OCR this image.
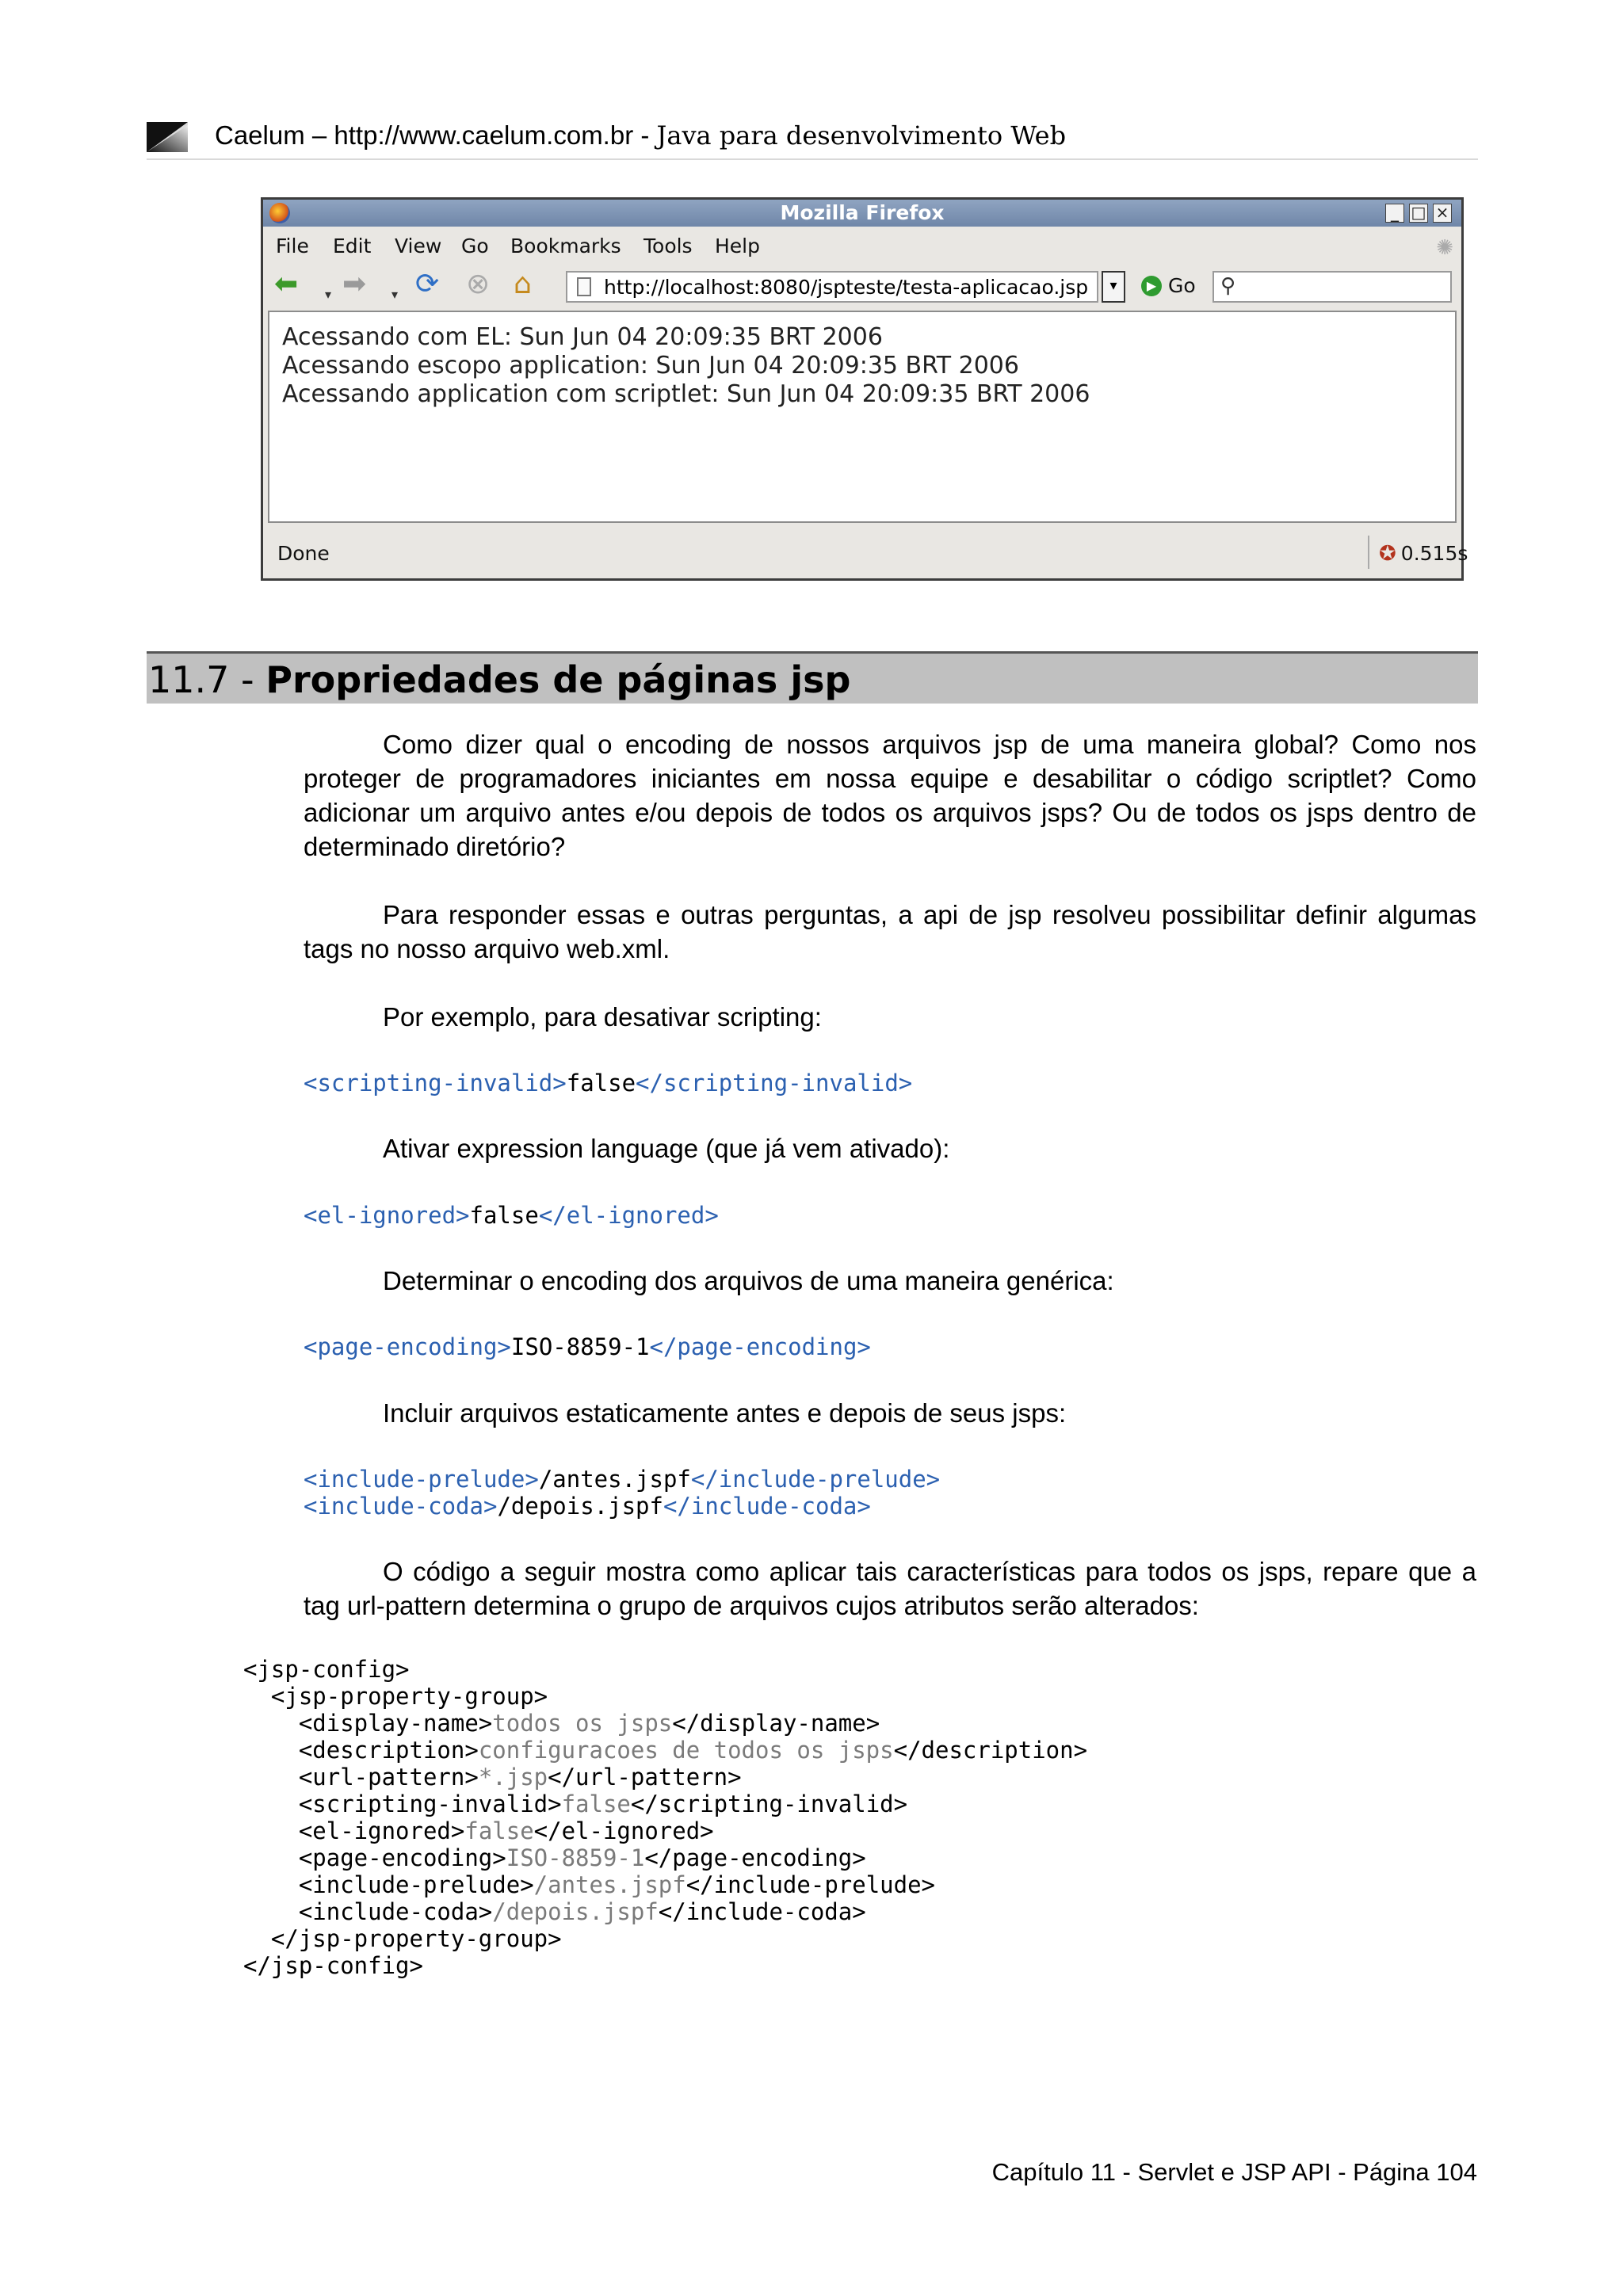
Caelum – http://www.caelum.com.br - Java para desenvolvimento Web
Mozilla Firefox	_ □ ×
File Edit View Go Bookmarks Tools Help	✺
⬅ ▾ ➡ ▾ ⟳ ⊗ ⌂	http://localhost:8080/jspteste/testa-aplicacao.jsp	▾	▶ Go ⚲
Acessando com EL: Sun Jun 04 20:09:35 BRT 2006
Acessando escopo application: Sun Jun 04 20:09:35 BRT 2006
Acessando application com scriptlet: Sun Jun 04 20:09:35 BRT 2006
Done	✪ 0.515s
11.7 - Propriedades de páginas jsp
Como dizer qual o encoding de nossos arquivos jsp de uma maneira global? Como nos proteger de programadores iniciantes em nossa equipe e desabilitar o código scriptlet? Como adicionar um arquivo antes e/ou depois de todos os arquivos jsps? Ou de todos os jsps dentro de determinado diretório?
Para responder essas e outras perguntas, a api de jsp resolveu possibilitar definir algumas tags no nosso arquivo web.xml.
Por exemplo, para desativar scripting:
<scripting-invalid>false</scripting-invalid>
Ativar expression language (que já vem ativado):
<el-ignored>false</el-ignored>
Determinar o encoding dos arquivos de uma maneira genérica:
<page-encoding>ISO-8859-1</page-encoding>
Incluir arquivos estaticamente antes e depois de seus jsps:
<include-prelude>/antes.jspf</include-prelude>
<include-coda>/depois.jspf</include-coda>
O código a seguir mostra como aplicar tais características para todos os jsps, repare que a tag url-pattern determina o grupo de arquivos cujos atributos serão alterados:
<jsp-config>
<jsp-property-group>
<display-name>todos os jsps</display-name>
<description>configuracoes de todos os jsps</description>
<url-pattern>*.jsp</url-pattern>
<scripting-invalid>false</scripting-invalid>
<el-ignored>false</el-ignored>
<page-encoding>ISO-8859-1</page-encoding>
<include-prelude>/antes.jspf</include-prelude>
<include-coda>/depois.jspf</include-coda>
</jsp-property-group>
</jsp-config>
Capítulo 11 - Servlet e JSP API - Página 104
